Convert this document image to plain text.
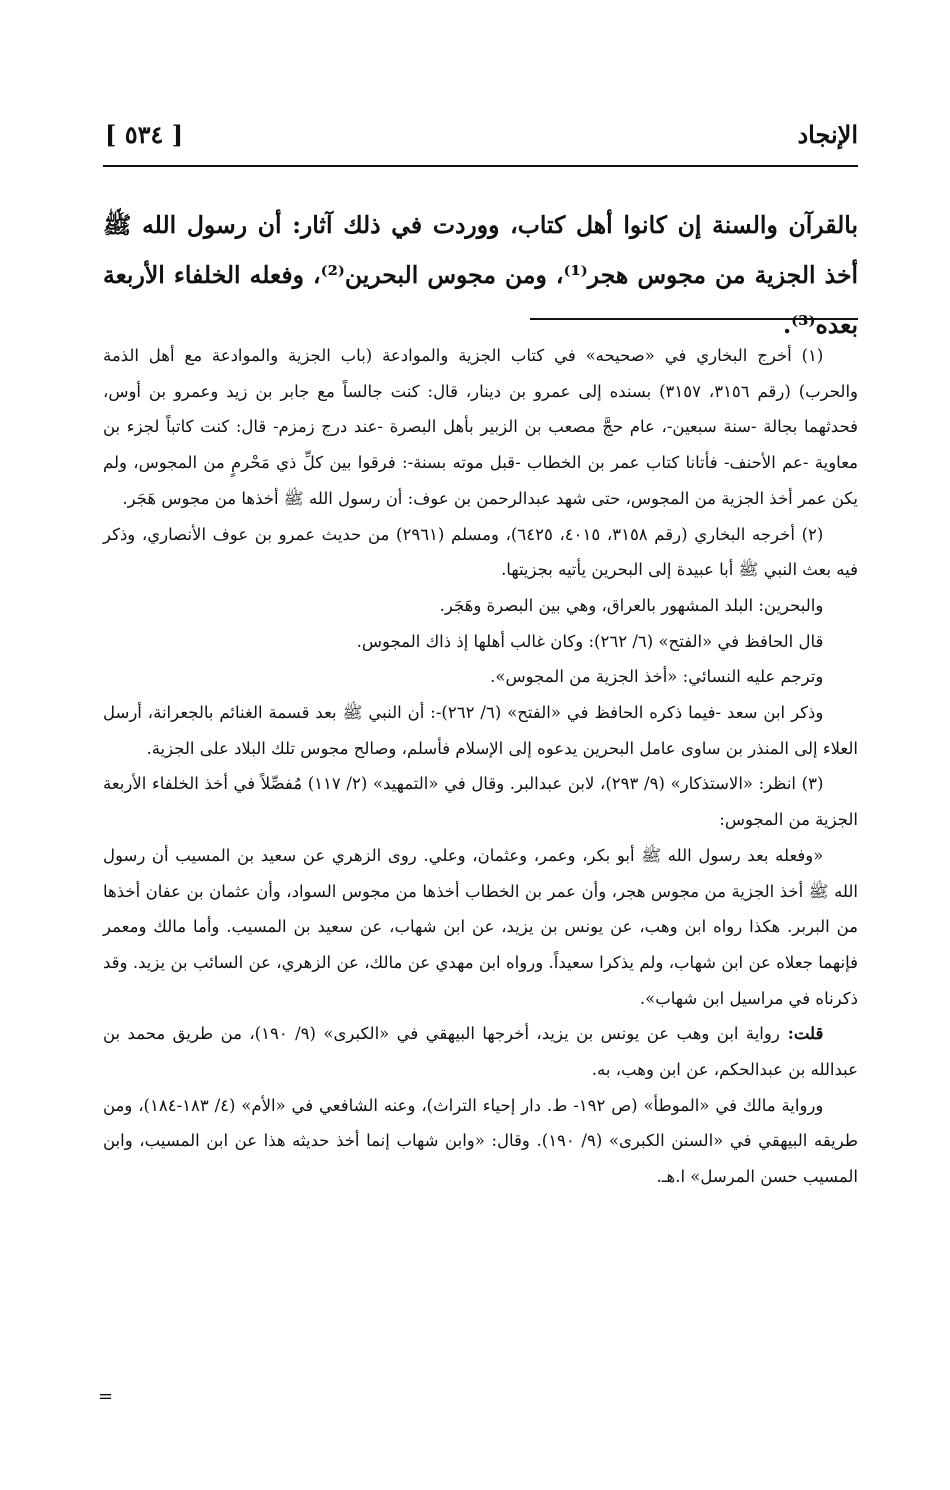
الإنجاد
[ ٥٣٤ ]

بالقرآن والسنة إن كانوا أهل كتاب، ووردت في ذلك آثار: أن رسول الله ﷺ أخذ الجزية من مجوس هجر⁽¹⁾، ومن مجوس البحرين⁽²⁾، وفعله الخلفاء الأربعة بعده⁽³⁾.

(١) أخرج البخاري في «صحيحه» في كتاب الجزية والموادعة (باب الجزية والموادعة مع أهل الذمة والحرب) (رقم ٣١٥٦، ٣١٥٧) بسنده إلى عمرو بن دينار، قال: كنت جالساً مع جابر بن زيد وعمرو بن أوس، فحدثهما بجالة -سنة سبعين-، عام حجَّ مصعب بن الزبير بأهل البصرة -عند درج زمزم- قال: كنت كاتباً لجزء بن معاوية -عم الأحنف- فأتانا كتاب عمر بن الخطاب -قبل موته بسنة-: فرقوا بين كلِّ ذي مَحْرمٍ من المجوس، ولم يكن عمر أخذ الجزية من المجوس، حتى شهد عبدالرحمن بن عوف: أن رسول الله ﷺ أخذها من مجوس هَجَر.

(٢) أخرجه البخاري (رقم ٣١٥٨، ٤٠١٥، ٦٤٢٥)، ومسلم (٢٩٦١) من حديث عمرو بن عوف الأنصاري، وذكر فيه بعث النبي ﷺ أبا عبيدة إلى البحرين يأتيه بجزيتها.

والبحرين: البلد المشهور بالعراق، وهي بين البصرة وهَجَر.

قال الحافظ في «الفتح» (٦/ ٢٦٢): وكان غالب أهلها إذ ذاك المجوس.

وترجم عليه النسائي: «أخذ الجزية من المجوس».

وذكر ابن سعد -فيما ذكره الحافظ في «الفتح» (٦/ ٢٦٢)-: أن النبي ﷺ بعد قسمة الغنائم بالجعرانة، أرسل العلاء إلى المنذر بن ساوى عامل البحرين يدعوه إلى الإسلام فأسلم، وصالح مجوس تلك البلاد على الجزية.

(٣) انظر: «الاستذكار» (٩/ ٢٩٣)، لابن عبدالبر. وقال في «التمهيد» (٢/ ١١٧) مُفصِّلاً في أخذ الخلفاء الأربعة الجزية من المجوس:

«وفعله بعد رسول الله ﷺ أبو بكر، وعمر، وعثمان، وعلي. روى الزهري عن سعيد بن المسيب أن رسول الله ﷺ أخذ الجزية من مجوس هجر، وأن عمر بن الخطاب أخذها من مجوس السواد، وأن عثمان بن عفان أخذها من البربر. هكذا رواه ابن وهب، عن يونس بن يزيد، عن ابن شهاب، عن سعيد بن المسيب. وأما مالك ومعمر فإنهما جعلاه عن ابن شهاب، ولم يذكرا سعيداً. ورواه ابن مهدي عن مالك، عن الزهري، عن السائب بن يزيد. وقد ذكرناه في مراسيل ابن شهاب».

قلت: رواية ابن وهب عن يونس بن يزيد، أخرجها البيهقي في «الكبرى» (٩/ ١٩٠)، من طريق محمد بن عبدالله بن عبدالحكم، عن ابن وهب، به.

ورواية مالك في «الموطأ» (ص ١٩٢- ط. دار إحياء التراث)، وعنه الشافعي في «الأم» (٤/ ١٨٣-١٨٤)، ومن طريقه البيهقي في «السنن الكبرى» (٩/ ١٩٠). وقال: «وابن شهاب إنما أخذ حديثه هذا عن ابن المسيب، وابن المسيب حسن المرسل» ا.هـ.

=
